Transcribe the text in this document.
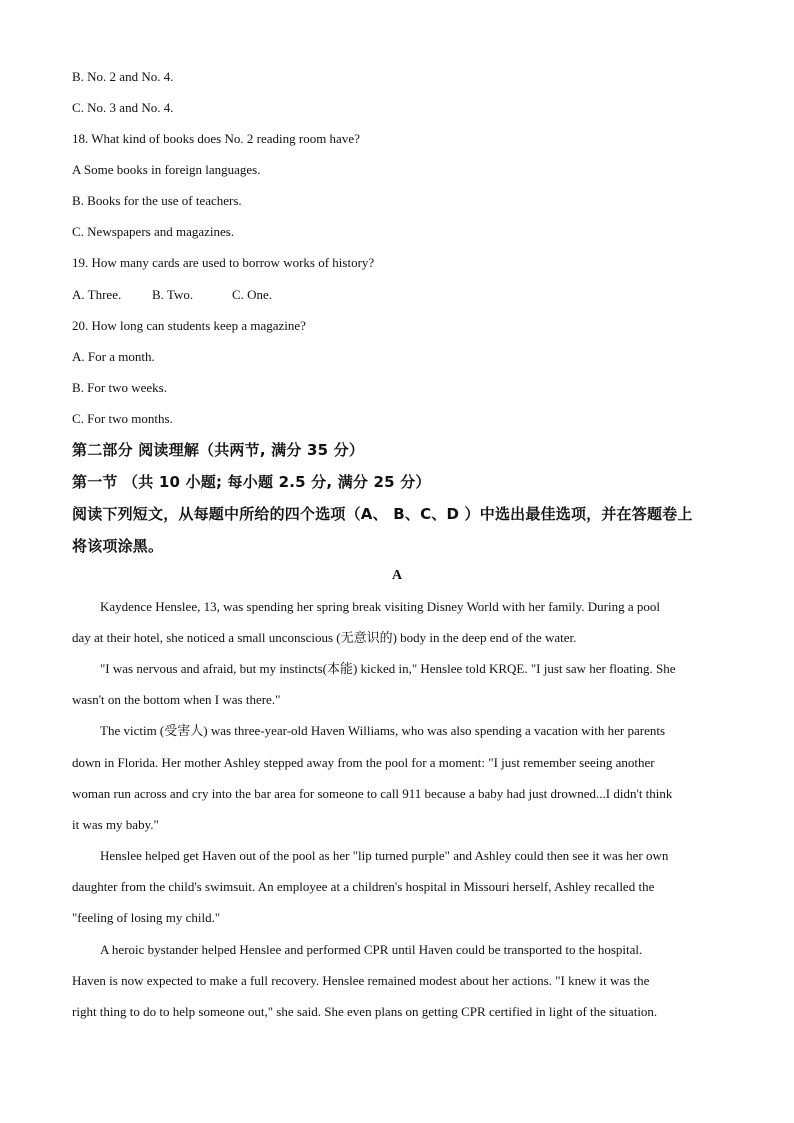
B. No. 2 and No. 4.
C. No. 3 and No. 4.
18. What kind of books does No. 2 reading room have?
A Some books in foreign languages.
B. Books for the use of teachers.
C. Newspapers and magazines.
19. How many cards are used to borrow works of history?
A. Three. B. Two.	C. One.
20. How long can students keep a magazine?
A. For a month.
B. For two weeks.
C. For two months.
第二部分 阅读理解（共两节, 满分 35 分）
第一节 （共 10 小题; 每小题 2.5 分, 满分 25 分）
阅读下列短文，从每题中所给的四个选项（A、 B、C、D ）中选出最佳选项，并在答题卷上
将该项涂黑。
A
Kaydence Henslee, 13, was spending her spring break visiting Disney World with her family. During a pool
day at their hotel, she noticed a small unconscious (无意识的) body in the deep end of the water.
"I was nervous and afraid, but my instincts(本能) kicked in," Henslee told KRQE. "I just saw her floating. She
wasn't on the bottom when I was there."
The victim (受害人) was three-year-old Haven Williams, who was also spending a vacation with her parents
down in Florida. Her mother Ashley stepped away from the pool for a moment: "I just remember seeing another
woman run across and cry into the bar area for someone to call 911 because a baby had just drowned...I didn't think
it was my baby."
Henslee helped get Haven out of the pool as her "lip turned purple" and Ashley could then see it was her own
daughter from the child's swimsuit. An employee at a children's hospital in Missouri herself, Ashley recalled the
"feeling of losing my child."
A heroic bystander helped Henslee and performed CPR until Haven could be transported to the hospital.
Haven is now expected to make a full recovery. Henslee remained modest about her actions. "I knew it was the
right thing to do to help someone out," she said. She even plans on getting CPR certified in light of the situation.
